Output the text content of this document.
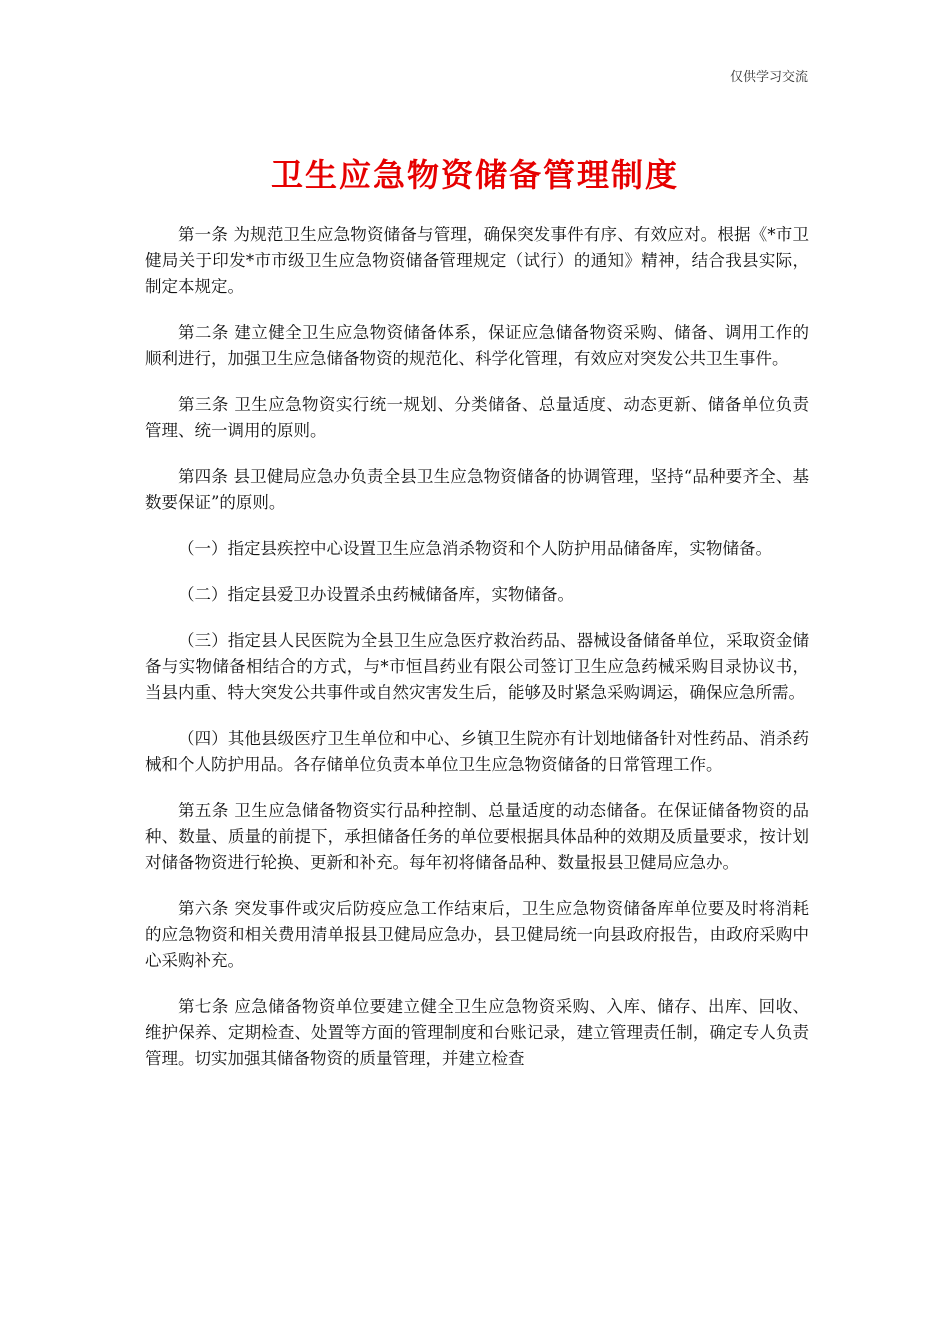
仅供学习交流
卫生应急物资储备管理制度

第一条 为规范卫生应急物资储备与管理，确保突发事件有序、有效应对。根据《*市卫健局关于印发*市市级卫生应急物资储备管理规定（试行）的通知》精神，结合我县实际，制定本规定。

第二条 建立健全卫生应急物资储备体系，保证应急储备物资采购、储备、调用工作的顺利进行，加强卫生应急储备物资的规范化、科学化管理，有效应对突发公共卫生事件。

第三条 卫生应急物资实行统一规划、分类储备、总量适度、动态更新、储备单位负责管理、统一调用的原则。

第四条 县卫健局应急办负责全县卫生应急物资储备的协调管理，坚持“品种要齐全、基数要保证”的原则。

（一）指定县疾控中心设置卫生应急消杀物资和个人防护用品储备库，实物储备。

（二）指定县爱卫办设置杀虫药械储备库，实物储备。

（三）指定县人民医院为全县卫生应急医疗救治药品、器械设备储备单位，采取资金储备与实物储备相结合的方式，与*市恒昌药业有限公司签订卫生应急药械采购目录协议书，当县内重、特大突发公共事件或自然灾害发生后，能够及时紧急采购调运，确保应急所需。

（四）其他县级医疗卫生单位和中心、乡镇卫生院亦有计划地储备针对性药品、消杀药械和个人防护用品。各存储单位负责本单位卫生应急物资储备的日常管理工作。

第五条 卫生应急储备物资实行品种控制、总量适度的动态储备。在保证储备物资的品种、数量、质量的前提下，承担储备任务的单位要根据具体品种的效期及质量要求，按计划对储备物资进行轮换、更新和补充。每年初将储备品种、数量报县卫健局应急办。

第六条 突发事件或灾后防疫应急工作结束后，卫生应急物资储备库单位要及时将消耗的应急物资和相关费用清单报县卫健局应急办，县卫健局统一向县政府报告，由政府采购中心采购补充。

第七条 应急储备物资单位要建立健全卫生应急物资采购、入库、储存、出库、回收、维护保养、定期检查、处置等方面的管理制度和台账记录，建立管理责任制，确定专人负责管理。切实加强其储备物资的质量管理，并建立检查
